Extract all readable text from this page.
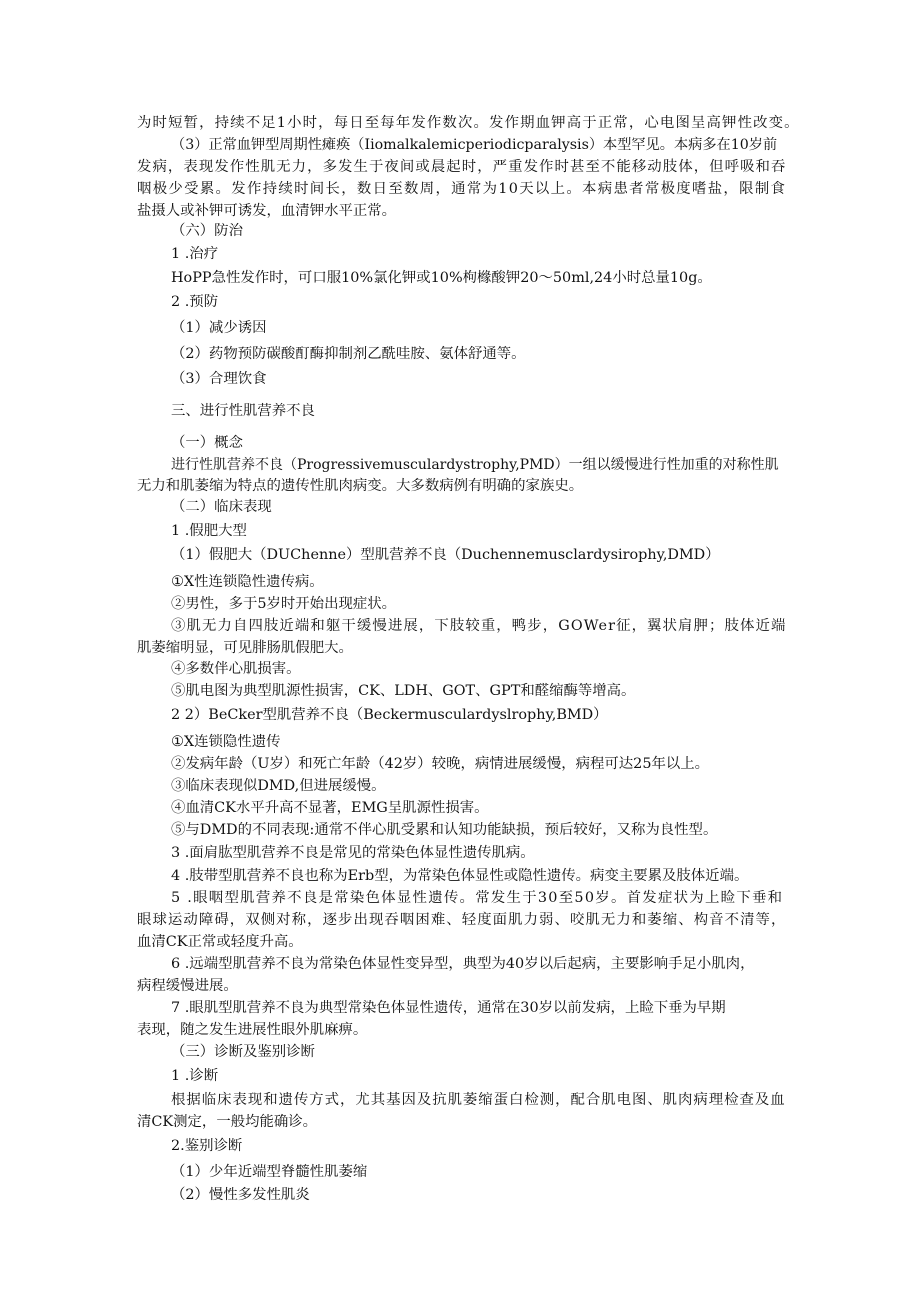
为时短暂，持续不足1小时，每日至每年发作数次。发作期血钾高于正常，心电图呈高钾性改变。
（3）正常血钾型周期性瘫痪（Iiomalkalemicperiodicparalysis）本型罕见。本病多在10岁前
发病，表现发作性肌无力，多发生于夜间或晨起时，严重发作时甚至不能移动肢体，但呼吸和吞
咽极少受累。发作持续时间长，数日至数周，通常为10天以上。本病患者常极度嗜盐，限制食
盐摄人或补钾可诱发，血清钾水平正常。
（六）防治
1 .治疗
HoPP急性发作时，可口服10%氯化钾或10%枸橼酸钾20～50ml,24小时总量10g。
2 .预防
（1）减少诱因
（2）药物预防碳酸酊酶抑制剂乙酰哇胺、氨体舒通等。
（3）合理饮食
三、进行性肌营养不良
（一）概念
进行性肌营养不良（Progressivemusculardystrophy,PMD）一组以缓慢进行性加重的对称性肌
无力和肌萎缩为特点的遗传性肌肉病变。大多数病例有明确的家族史。
（二）临床表现
1 .假肥大型
（1）假肥大（DUChenne）型肌营养不良（Duchennemusclardysirophy,DMD）
①X性连锁隐性遗传病。
②男性，多于5岁时开始出现症状。
③肌无力自四肢近端和躯干缓慢进展，下肢较重，鸭步，GOWer征，翼状肩胛；肢体近端
肌萎缩明显，可见腓肠肌假肥大。
④多数伴心肌损害。
⑤肌电图为典型肌源性损害，CK、LDH、GOT、GPT和醛缩酶等增高。
2 2）BeCker型肌营养不良（Beckermusculardyslrophy,BMD）
①X连锁隐性遗传
②发病年龄（U岁）和死亡年龄（42岁）较晚，病情进展缓慢，病程可达25年以上。
③临床表现似DMD,但进展缓慢。
④血清CK水平升高不显著，EMG呈肌源性损害。
⑤与DMD的不同表现:通常不伴心肌受累和认知功能缺损，预后较好，又称为良性型。
3 .面肩肱型肌营养不良是常见的常染色体显性遗传肌病。
4 .肢带型肌营养不良也称为Erb型，为常染色体显性或隐性遗传。病变主要累及肢体近端。
5 .眼咽型肌营养不良是常染色体显性遗传。常发生于30至50岁。首发症状为上睑下垂和
眼球运动障碍，双侧对称，逐步出现吞咽困难、轻度面肌力弱、咬肌无力和萎缩、构音不清等，
血清CK正常或轻度升高。
6 .远端型肌营养不良为常染色体显性变异型，典型为40岁以后起病，主要影响手足小肌肉，
病程缓慢进展。
7 .眼肌型肌营养不良为典型常染色体显性遗传，通常在30岁以前发病，上睑下垂为早期
表现，随之发生进展性眼外肌麻痹。
（三）诊断及鉴别诊断
1 .诊断
根据临床表现和遗传方式，尤其基因及抗肌萎缩蛋白检测，配合肌电图、肌肉病理检查及血
清CK测定，一般均能确诊。
2.鉴别诊断
（1）少年近端型脊髓性肌萎缩
（2）慢性多发性肌炎
